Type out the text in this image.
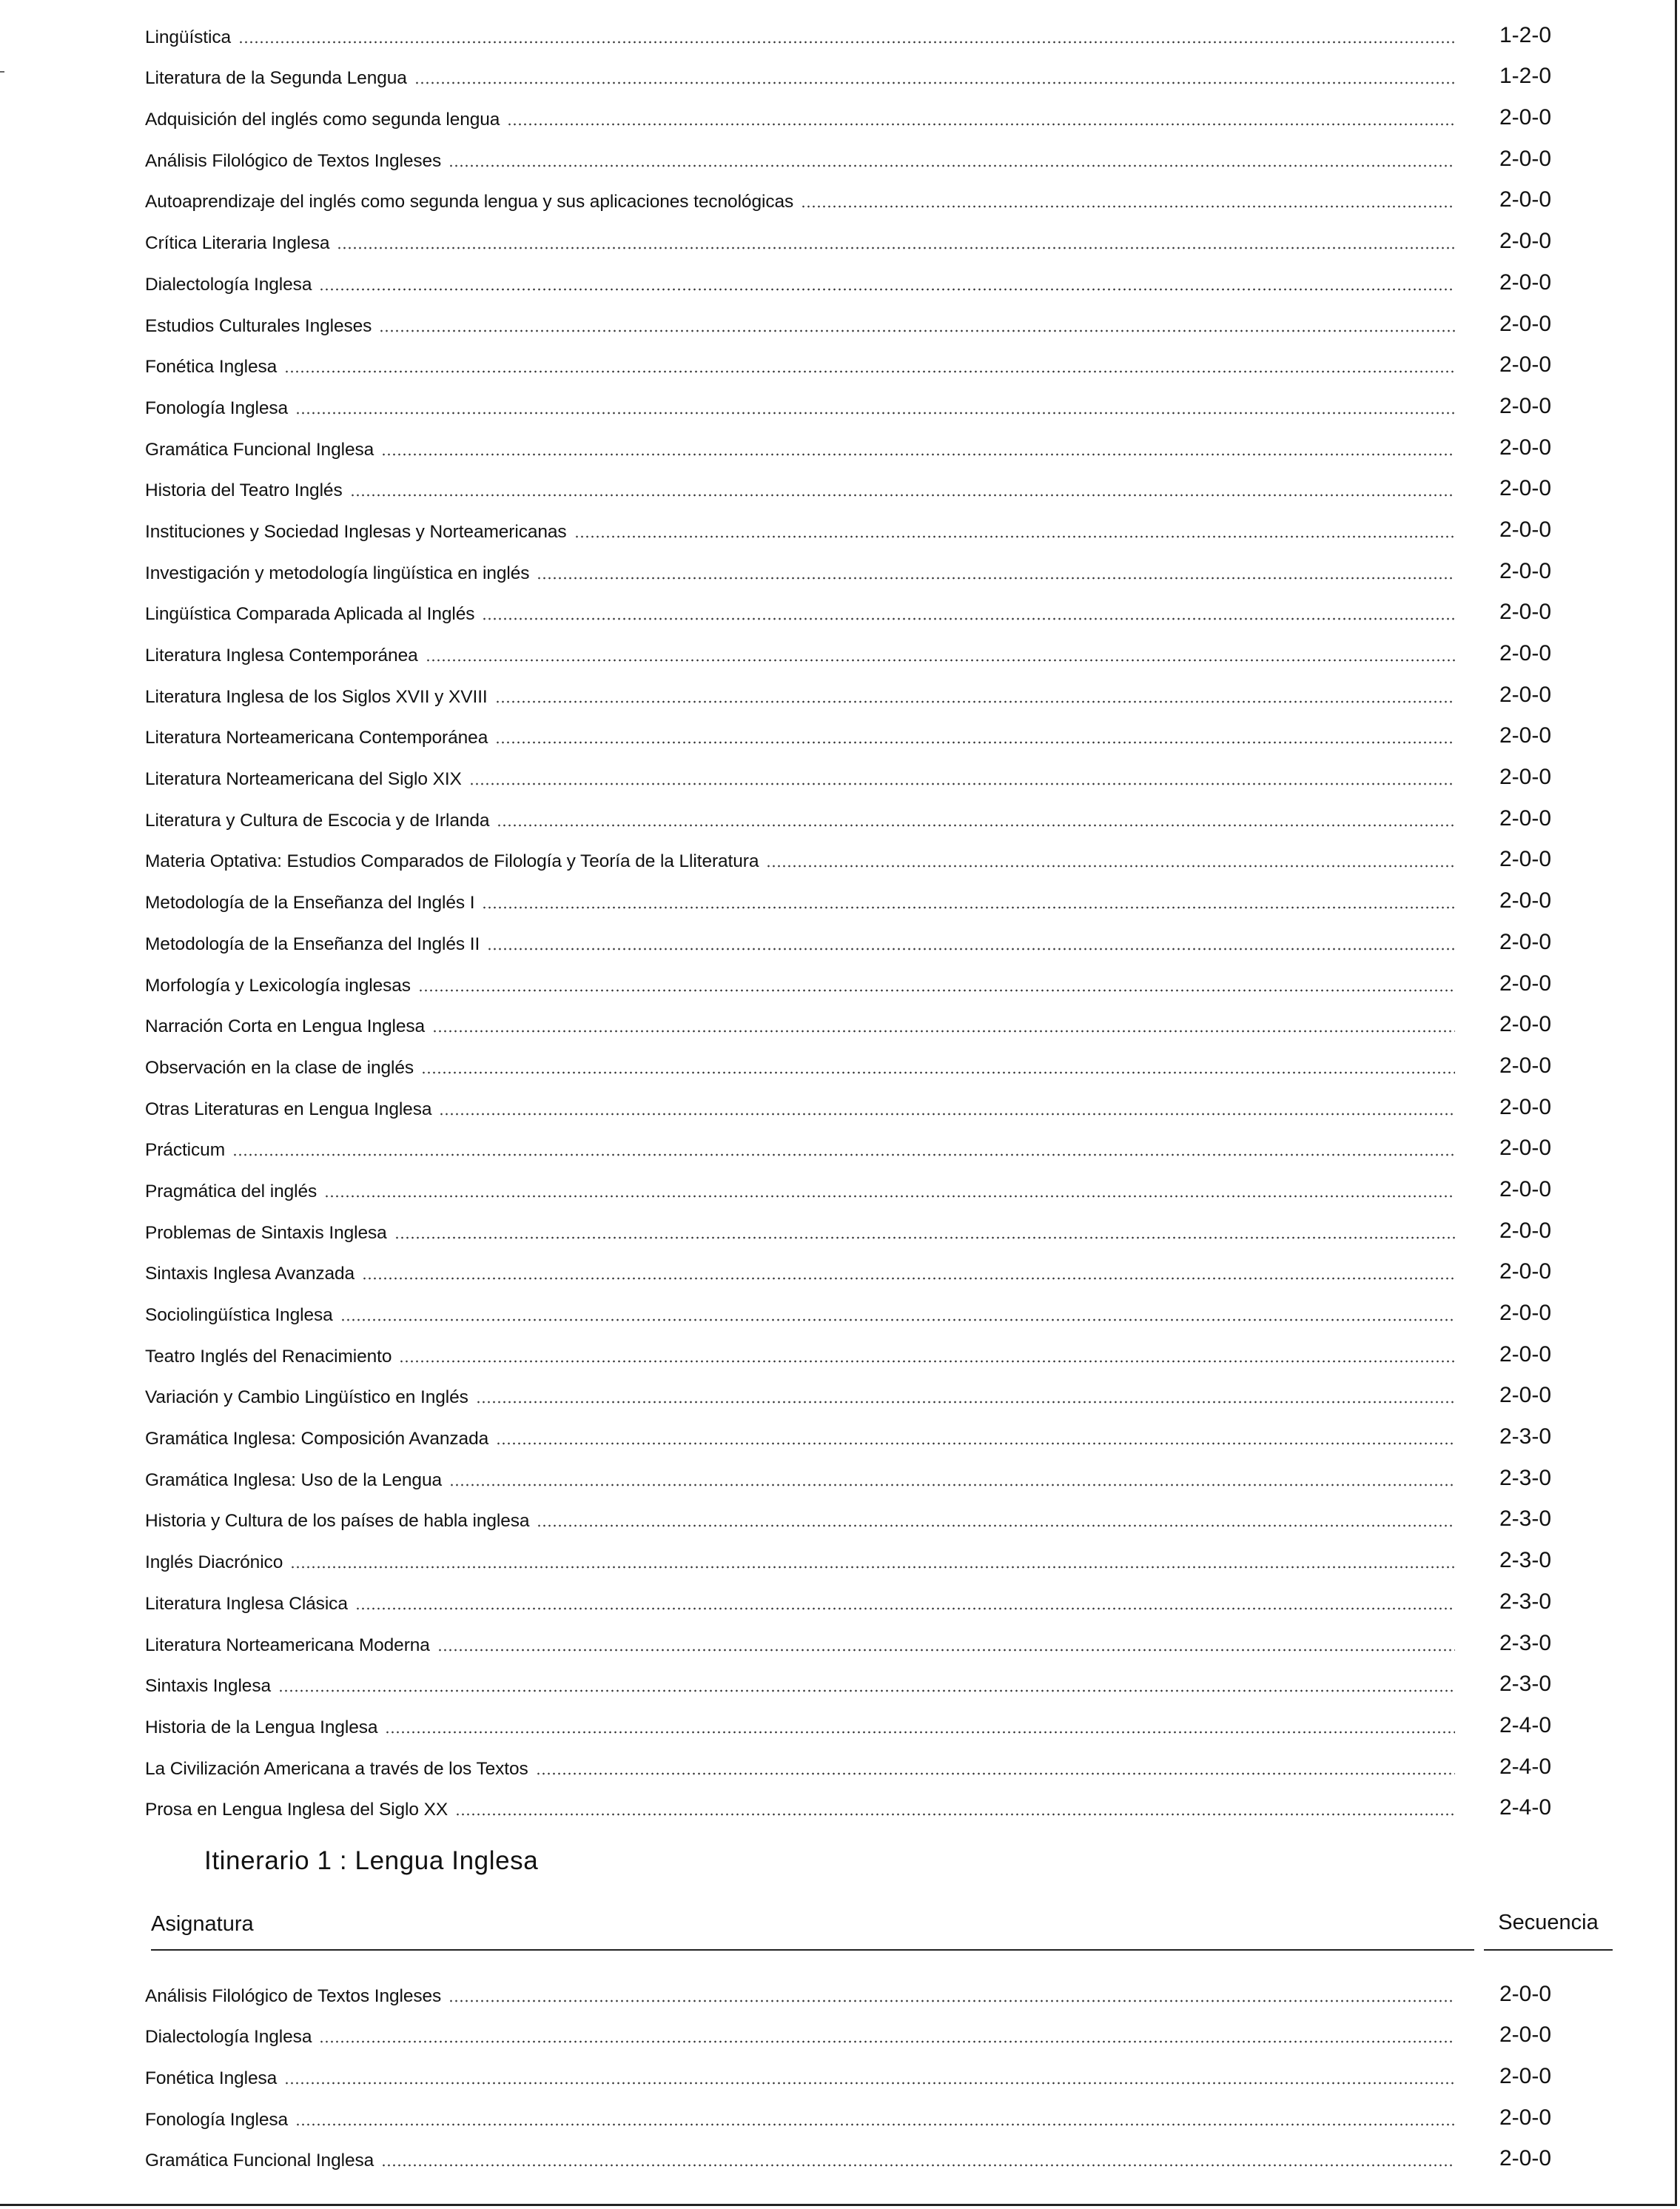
Lingüística	1-2-0
Literatura de la Segunda Lengua	1-2-0
Adquisición del inglés como segunda lengua	2-0-0
Análisis Filológico de Textos Ingleses	2-0-0
Autoaprendizaje del inglés como segunda lengua y sus aplicaciones tecnológicas	2-0-0
Crítica Literaria Inglesa	2-0-0
Dialectología Inglesa	2-0-0
Estudios Culturales Ingleses	2-0-0
Fonética Inglesa	2-0-0
Fonología Inglesa	2-0-0
Gramática Funcional Inglesa	2-0-0
Historia del Teatro Inglés	2-0-0
Instituciones y Sociedad Inglesas y Norteamericanas	2-0-0
Investigación y metodología lingüística en inglés	2-0-0
Lingüística Comparada Aplicada al Inglés	2-0-0
Literatura Inglesa Contemporánea	2-0-0
Literatura Inglesa de los Siglos XVII y XVIII	2-0-0
Literatura Norteamericana Contemporánea	2-0-0
Literatura Norteamericana del Siglo XIX	2-0-0
Literatura y Cultura de Escocia y de Irlanda	2-0-0
Materia Optativa: Estudios Comparados de Filología y Teoría de la Lliteratura	2-0-0
Metodología de la Enseñanza del Inglés I	2-0-0
Metodología de la Enseñanza del Inglés II	2-0-0
Morfología y Lexicología inglesas	2-0-0
Narración Corta en Lengua Inglesa	2-0-0
Observación en la clase de inglés	2-0-0
Otras Literaturas en Lengua Inglesa	2-0-0
Prácticum	2-0-0
Pragmática del inglés	2-0-0
Problemas de Sintaxis Inglesa	2-0-0
Sintaxis Inglesa Avanzada	2-0-0
Sociolingüística Inglesa	2-0-0
Teatro Inglés del Renacimiento	2-0-0
Variación y Cambio Lingüístico en Inglés	2-0-0
Gramática Inglesa: Composición Avanzada	2-3-0
Gramática Inglesa: Uso de la Lengua	2-3-0
Historia y Cultura de los países de habla inglesa	2-3-0
Inglés Diacrónico	2-3-0
Literatura Inglesa Clásica	2-3-0
Literatura Norteamericana Moderna	2-3-0
Sintaxis Inglesa	2-3-0
Historia de la Lengua Inglesa	2-4-0
La Civilización Americana a través de los Textos	2-4-0
Prosa en Lengua Inglesa del Siglo XX	2-4-0
Itinerario 1 : Lengua Inglesa
Asignatura	Secuencia
Análisis Filológico de Textos Ingleses	2-0-0
Dialectología Inglesa	2-0-0
Fonética Inglesa	2-0-0
Fonología Inglesa	2-0-0
Gramática Funcional Inglesa	2-0-0
